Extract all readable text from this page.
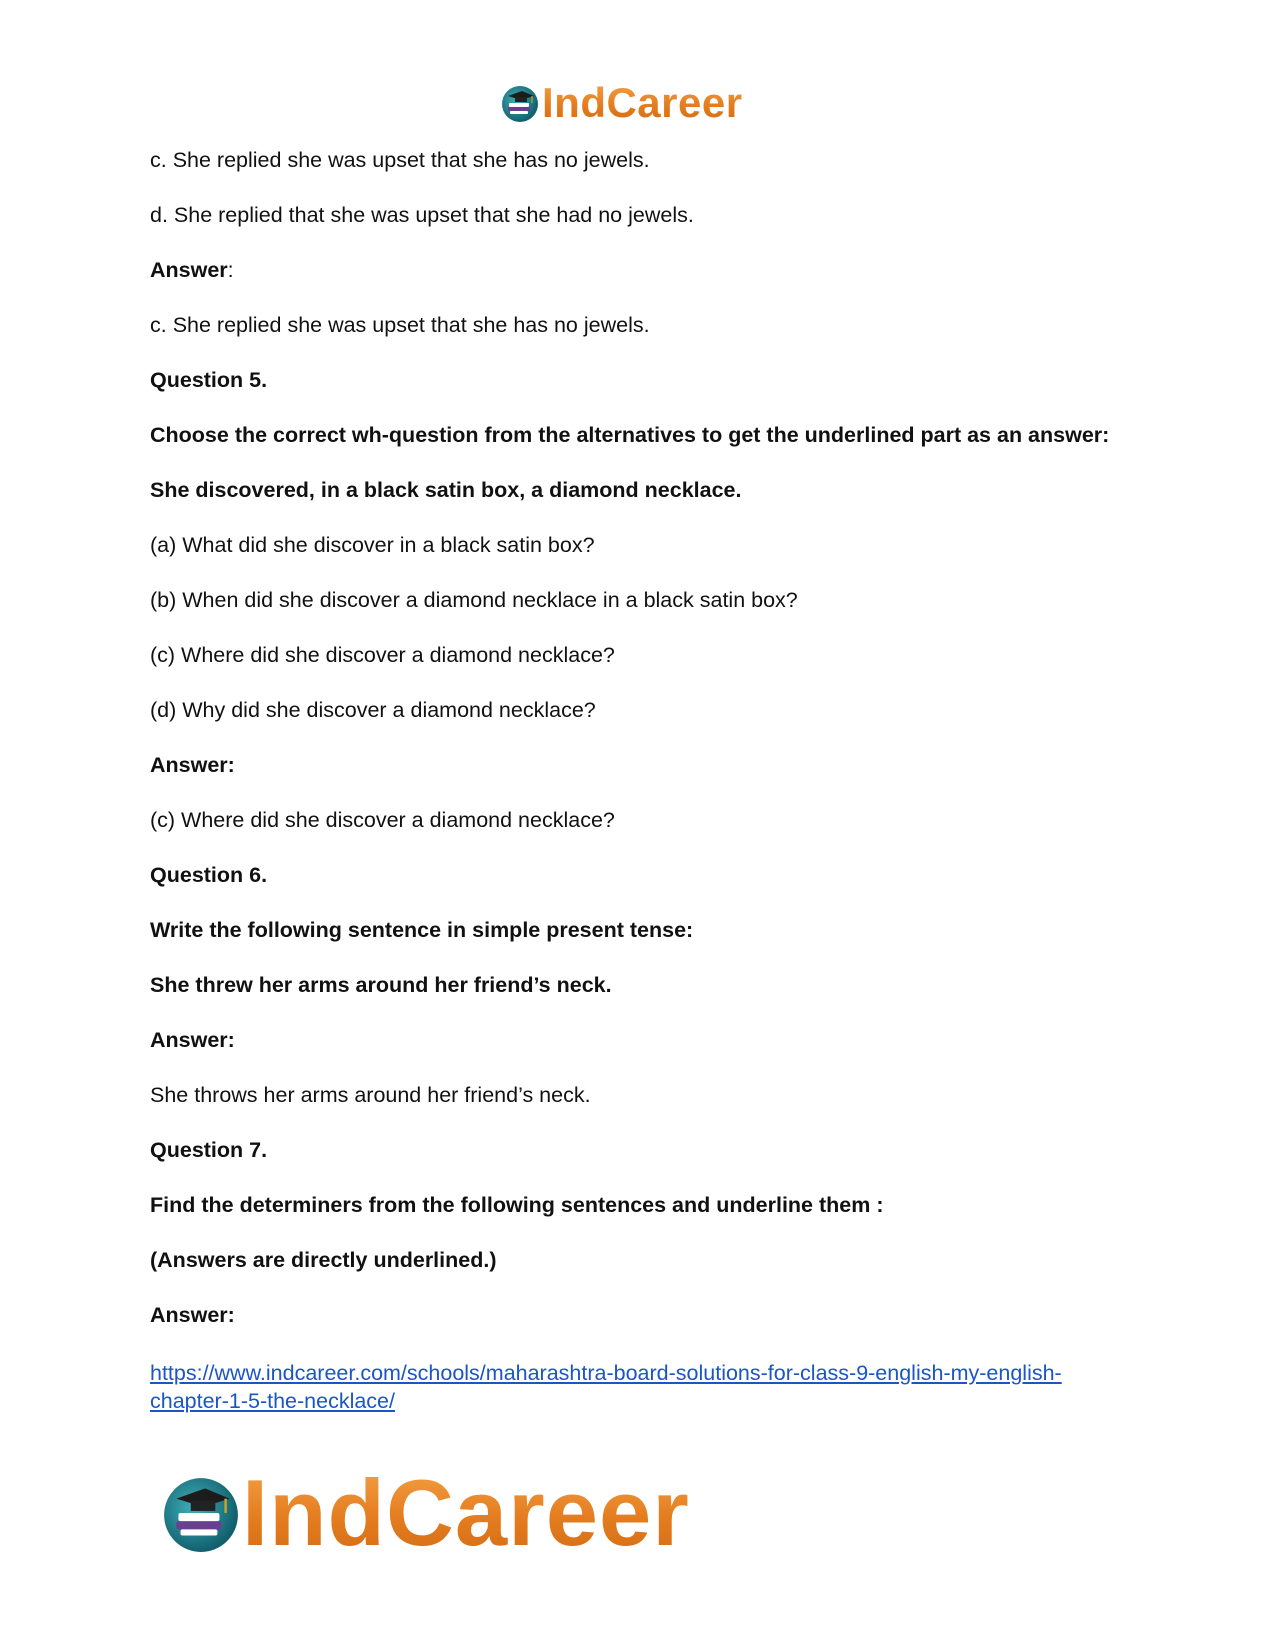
IndCareer

c. She replied she was upset that she has no jewels.

d. She replied that she was upset that she had no jewels.

Answer:

c. She replied she was upset that she has no jewels.

Question 5.

Choose the correct wh-question from the alternatives to get the underlined part as an answer:

She discovered, in a black satin box, a diamond necklace.

(a) What did she discover in a black satin box?

(b) When did she discover a diamond necklace in a black satin box?

(c) Where did she discover a diamond necklace?

(d) Why did she discover a diamond necklace?

Answer:

(c) Where did she discover a diamond necklace?

Question 6.

Write the following sentence in simple present tense:

She threw her arms around her friend’s neck.

Answer:

She throws her arms around her friend’s neck.

Question 7.

Find the determiners from the following sentences and underline them :

(Answers are directly underlined.)

Answer:

https://www.indcareer.com/schools/maharashtra-board-solutions-for-class-9-english-my-english-
chapter-1-5-the-necklace/
IndCareer
